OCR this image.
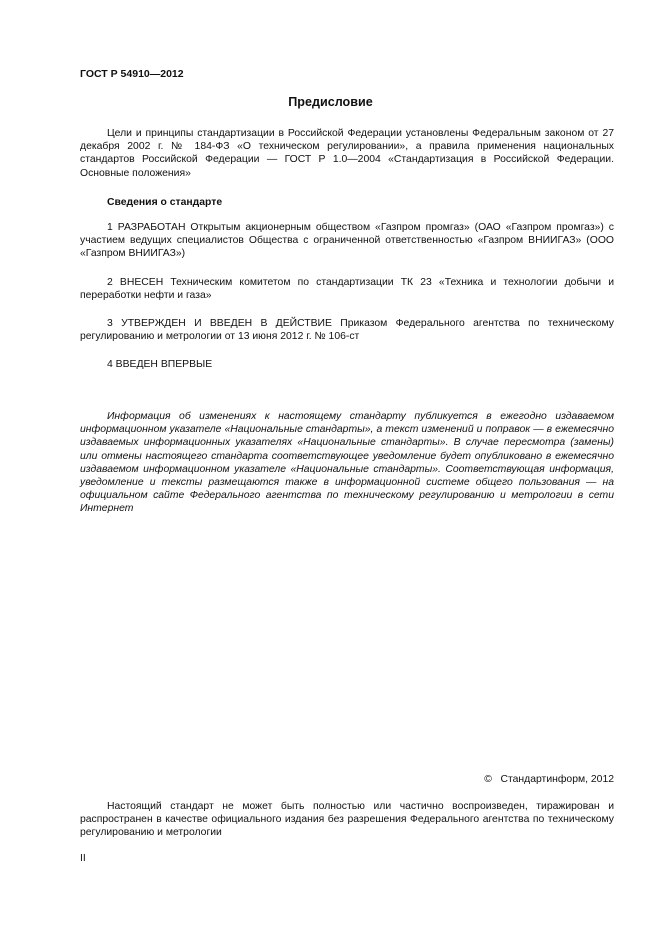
ГОСТ Р 54910—2012
Предисловие

Цели и принципы стандартизации в Российской Федерации установлены Федеральным законом от 27 декабря 2002 г. № 184-ФЗ «О техническом регулировании», а правила применения национальных стандартов Российской Федерации — ГОСТ Р 1.0—2004 «Стандартизация в Российской Федерации. Основные положения»

Сведения о стандарте

1 РАЗРАБОТАН Открытым акционерным обществом «Газпром промгаз» (ОАО «Газпром промгаз») с участием ведущих специалистов Общества с ограниченной ответственностью «Газпром ВНИИГАЗ» (ООО «Газпром ВНИИГАЗ»)

2 ВНЕСЕН Техническим комитетом по стандартизации ТК 23 «Техника и технологии добычи и переработки нефти и газа»

3 УТВЕРЖДЕН И ВВЕДЕН В ДЕЙСТВИЕ Приказом Федерального агентства по техническому регулированию и метрологии от 13 июня 2012 г. № 106-ст

4 ВВЕДЕН ВПЕРВЫЕ

Информация об изменениях к настоящему стандарту публикуется в ежегодно издаваемом информационном указателе «Национальные стандарты», а текст изменений и поправок — в ежемесячно издаваемых информационных указателях «Национальные стандарты». В случае пересмотра (замены) или отмены настоящего стандарта соответствующее уведомление будет опубликовано в ежемесячно издаваемом информационном указателе «Национальные стандарты». Соответствующая информация, уведомление и тексты размещаются также в информационной системе общего пользования — на официальном сайте Федерального агентства по техническому регулированию и метрологии в сети Интернет

©   Стандартинформ, 2012

Настоящий стандарт не может быть полностью или частично воспроизведен, тиражирован и распространен в качестве официального издания без разрешения Федерального агентства по техническому регулированию и метрологии

II
